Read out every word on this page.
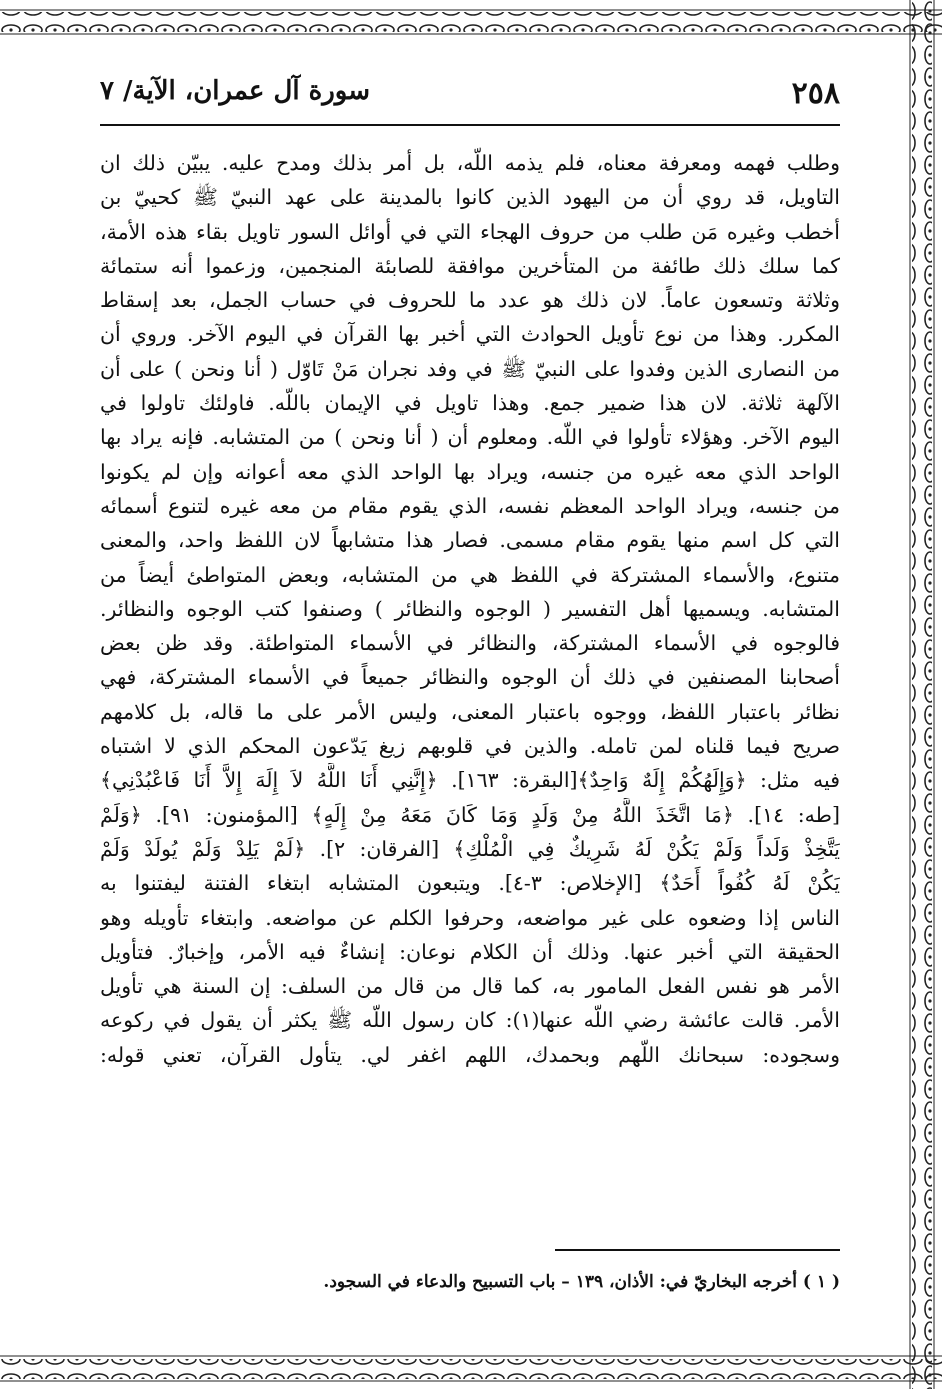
٢٥٨
سورة آل عمران، الآية/ ٧
وطلب فهمه ومعرفة معناه، فلم يذمه اللّه، بل أمر بذلك ومدح عليه. يبيّن ذلك ان
التاويل، قد روي أن من اليهود الذين كانوا بالمدينة على عهد النبيّ ﷺ كحييّ بن
أخطب وغيره مَن طلب من حروف الهجاء التي في أوائل السور تاويل بقاء هذه الأمة،
كما سلك ذلك طائفة من المتأخرين موافقة للصابئة المنجمين، وزعموا أنه ستمائة
وثلاثة وتسعون عاماً. لان ذلك هو عدد ما للحروف في حساب الجمل، بعد إسقاط
المكرر. وهذا من نوع تأويل الحوادث التي أخبر بها القرآن في اليوم الآخر. وروي أن
من النصارى الذين وفدوا على النبيّ ﷺ في وفد نجران مَنْ تَاوّل ( أنا ونحن ) على أن
الآلهة ثلاثة. لان هذا ضمير جمع. وهذا تاويل في الإيمان باللّه. فاولئك تاولوا في
اليوم الآخر. وهؤلاء تأولوا في اللّه. ومعلوم أن ( أنا ونحن ) من المتشابه. فإنه يراد بها
الواحد الذي معه غيره من جنسه، ويراد بها الواحد الذي معه أعوانه وإن لم يكونوا
من جنسه، ويراد الواحد المعظم نفسه، الذي يقوم مقام من معه غيره لتنوع أسمائه
التي كل اسم منها يقوم مقام مسمى. فصار هذا متشابهاً لان اللفظ واحد، والمعنى
متنوع، والأسماء المشتركة في اللفظ هي من المتشابه، وبعض المتواطئ أيضاً من
المتشابه. ويسميها أهل التفسير ( الوجوه والنظائر ) وصنفوا كتب الوجوه والنظائر.
فالوجوه في الأسماء المشتركة، والنظائر في الأسماء المتواطئة. وقد ظن بعض
أصحابنا المصنفين في ذلك أن الوجوه والنظائر جميعاً في الأسماء المشتركة، فهي
نظائر باعتبار اللفظ، ووجوه باعتبار المعنى، وليس الأمر على ما قاله، بل كلامهم
صريح فيما قلناه لمن تامله. والذين في قلوبهم زيغ يَدّعون المحكم الذي لا اشتباه
فيه مثل: ﴿وَإِلَهُكُمْ إِلَهٌ وَاحِدٌ﴾[البقرة: ١٦٣]. ﴿إِنَّنِي أَنَا اللَّهُ لاَ إِلَهَ إِلاَّ أَنَا فَاعْبُدْنِي﴾
[طه: ١٤]. ﴿مَا اتَّخَذَ اللَّهُ مِنْ وَلَدٍ وَمَا كَانَ مَعَهُ مِنْ إِلَهٍ﴾ [المؤمنون: ٩١]. ﴿وَلَمْ
يَتَّخِذْ وَلَداً وَلَمْ يَكُنْ لَهُ شَرِيكٌ فِي الْمُلْكِ﴾ [الفرقان: ٢]. ﴿لَمْ يَلِدْ وَلَمْ يُولَدْ وَلَمْ
يَكُنْ لَهُ كُفُواً أَحَدٌ﴾ [الإخلاص: ٣-٤]. ويتبعون المتشابه ابتغاء الفتنة ليفتنوا به
الناس إذا وضعوه على غير مواضعه، وحرفوا الكلم عن مواضعه. وابتغاء تأويله وهو
الحقيقة التي أخبر عنها. وذلك أن الكلام نوعان: إنشاءٌ فيه الأمر، وإخبارٌ. فتأويل
الأمر هو نفس الفعل المامور به، كما قال من قال من السلف: إن السنة هي تأويل
الأمر. قالت عائشة رضي اللّه عنها(١): كان رسول اللّه ﷺ يكثر أن يقول في ركوعه
وسجوده: سبحانك اللّهم وبحمدك، اللهم اغفر لي. يتأول القرآن، تعني قوله:
( ١ ) أخرجه البخاريّ في: الأذان، ١٣٩ – باب التسبيح والدعاء في السجود.
